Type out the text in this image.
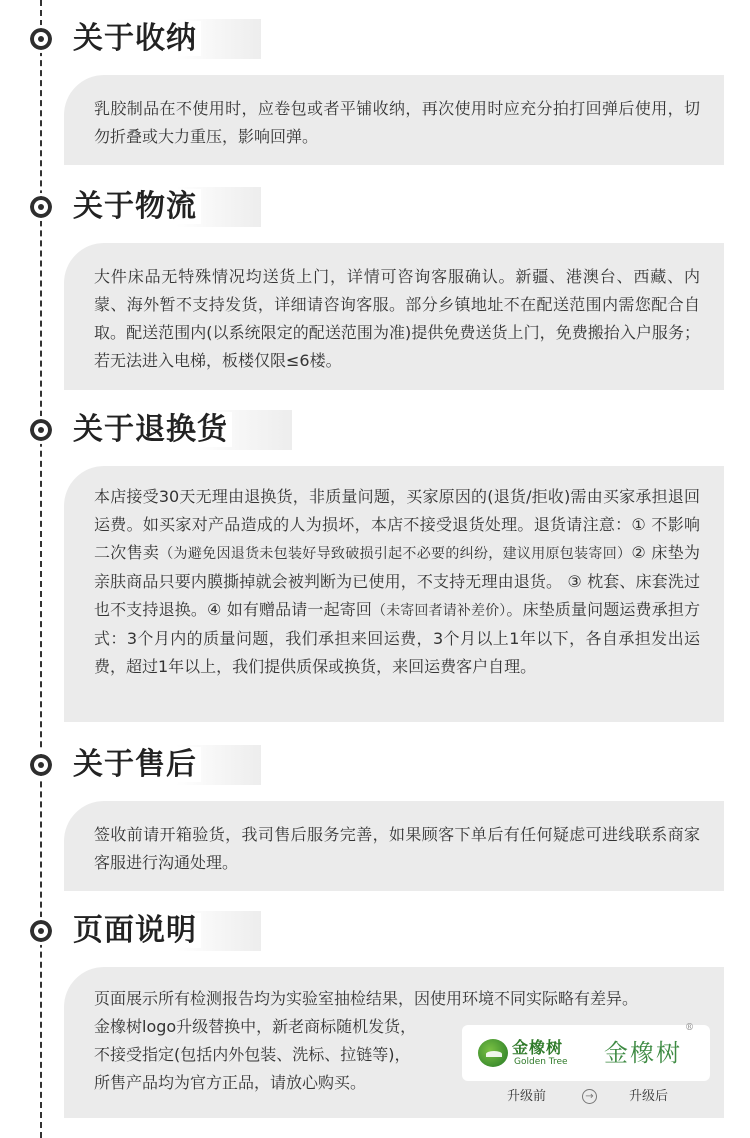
关于收纳

乳胶制品在不使用时，应卷包或者平铺收纳，再次使用时应充分拍打回弹后使用，切勿折叠或大力重压，影响回弹。

关于物流

大件床品无特殊情况均送货上门，详情可咨询客服确认。新疆、港澳台、西藏、内蒙、海外暂不支持发货，详细请咨询客服。部分乡镇地址不在配送范围内需您配合自取。配送范围内(以系统限定的配送范围为准)提供免费送货上门，免费搬抬入户服务；若无法进入电梯，板楼仅限≤6楼。

关于退换货

本店接受30天无理由退换货，非质量问题，买家原因的(退货/拒收)需由买家承担退回运费。如买家对产品造成的人为损坏，本店不接受退货处理。退货请注意：① 不影响二次售卖（为避免因退货未包装好导致破损引起不必要的纠纷，建议用原包装寄回）② 床垫为亲肤商品只要内膜撕掉就会被判断为已使用，不支持无理由退货。 ③ 枕套、床套洗过也不支持退换。④ 如有赠品请一起寄回（未寄回者请补差价）。床垫质量问题运费承担方式：3个月内的质量问题，我们承担来回运费，3个月以上1年以下，各自承担发出运费，超过1年以上，我们提供质保或换货，来回运费客户自理。

关于售后

签收前请开箱验货，我司售后服务完善，如果顾客下单后有任何疑虑可进线联系商家客服进行沟通处理。

页面说明

页面展示所有检测报告均为实验室抽检结果，因使用环境不同实际略有差异。

金橡树logo升级替换中，新老商标随机发货，

不接受指定(包括内外包装、洗标、拉链等)，

所售产品均为官方正品，请放心购买。

金橡树
Golden Tree 金橡树
®
升级前	→	升级后
